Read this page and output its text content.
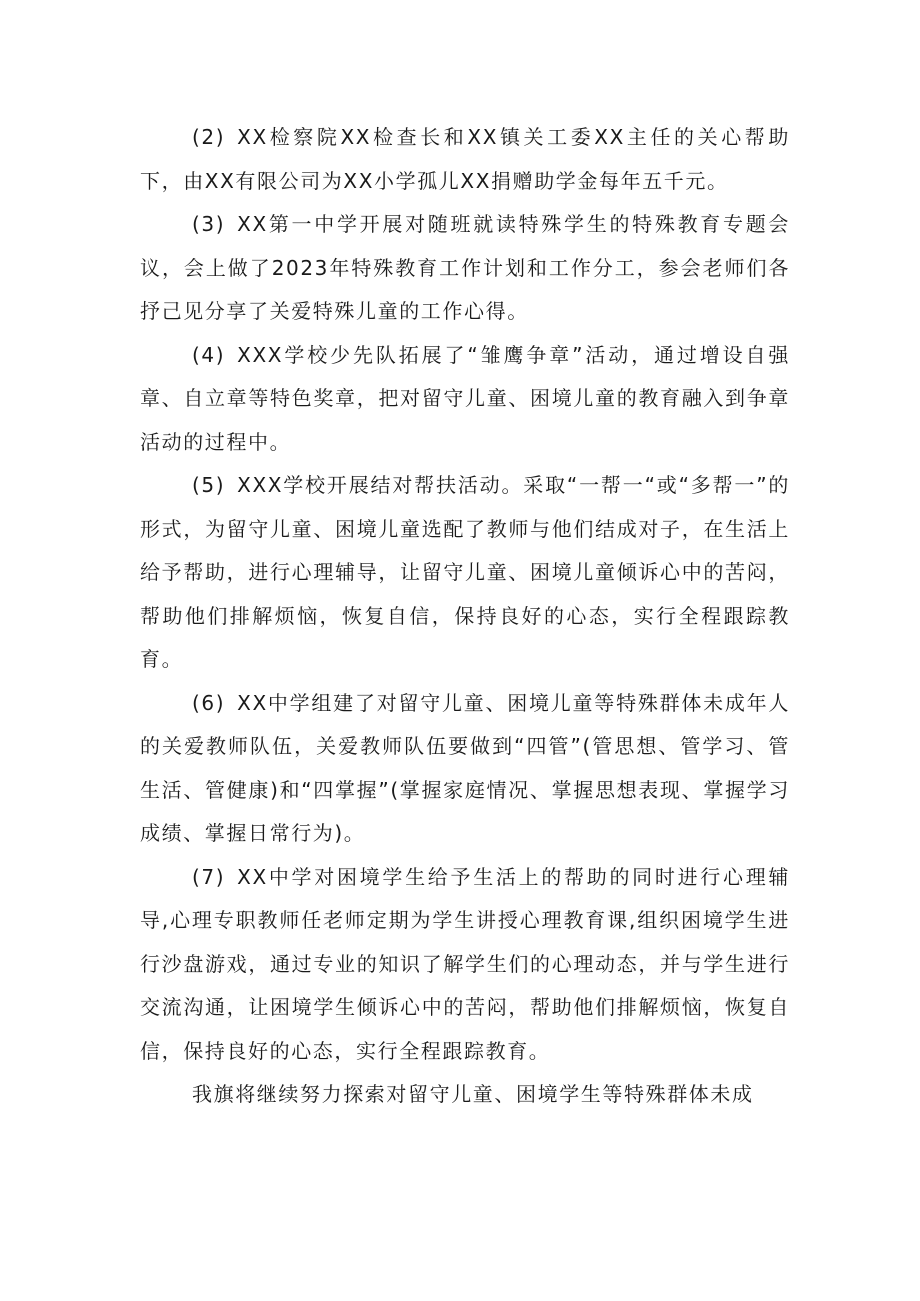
(2) XX检察院XX检查长和XX镇关工委XX主任的关心帮助下，由XX有限公司为XX小学孤儿XX捐赠助学金每年五千元。

(3) XX第一中学开展对随班就读特殊学生的特殊教育专题会议，会上做了2023年特殊教育工作计划和工作分工，参会老师们各抒己见分享了关爱特殊儿童的工作心得。

(4) XXX学校少先队拓展了“雏鹰争章”活动，通过增设自强章、自立章等特色奖章，把对留守儿童、困境儿童的教育融入到争章活动的过程中。

(5) XXX学校开展结对帮扶活动。采取“一帮一“或“多帮一”的形式，为留守儿童、困境儿童选配了教师与他们结成对子，在生活上给予帮助，进行心理辅导，让留守儿童、困境儿童倾诉心中的苦闷，帮助他们排解烦恼，恢复自信，保持良好的心态，实行全程跟踪教育。

(6) XX中学组建了对留守儿童、困境儿童等特殊群体未成年人的关爱教师队伍，关爱教师队伍要做到“四管”(管思想、管学习、管生活、管健康)和“四掌握”(掌握家庭情况、掌握思想表现、掌握学习成绩、掌握日常行为)。

(7) XX中学对困境学生给予生活上的帮助的同时进行心理辅导,心理专职教师任老师定期为学生讲授心理教育课,组织困境学生进行沙盘游戏，通过专业的知识了解学生们的心理动态，并与学生进行交流沟通，让困境学生倾诉心中的苦闷，帮助他们排解烦恼，恢复自信，保持良好的心态，实行全程跟踪教育。

我旗将继续努力探索对留守儿童、困境学生等特殊群体未成
